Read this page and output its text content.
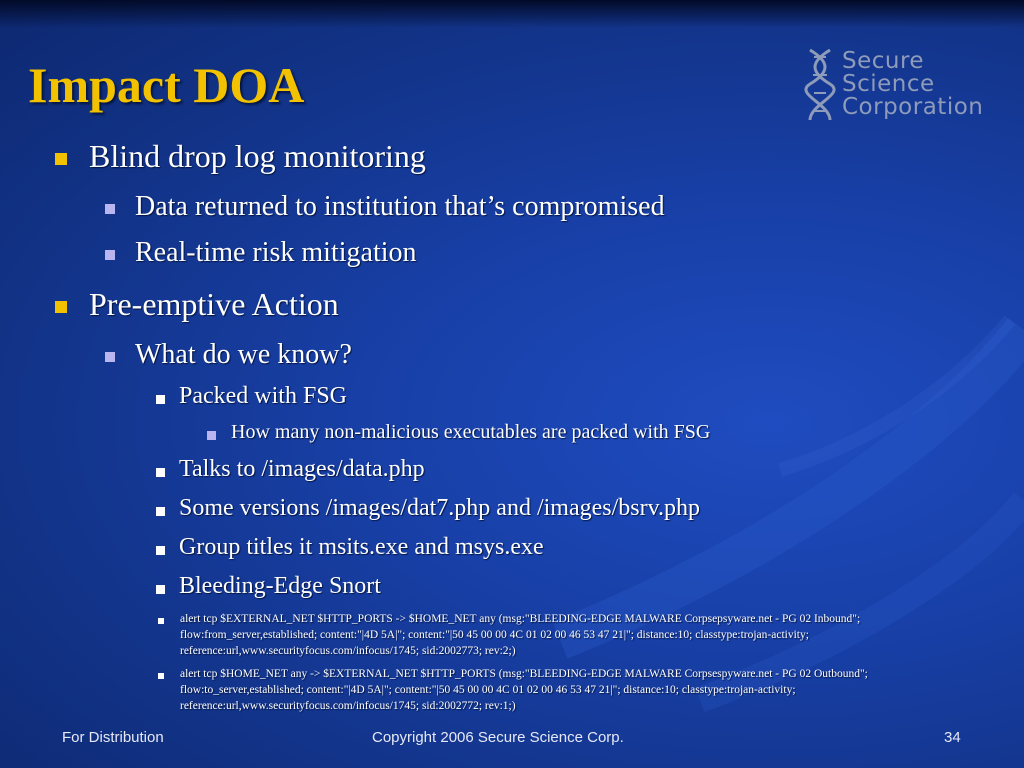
Impact DOA	Secure
Science
Corporation
Blind drop log monitoring
Data returned to institution that’s compromised
Real-time risk mitigation
Pre-emptive Action
What do we know?
Packed with FSG
How many non-malicious executables are packed with FSG
Talks to /images/data.php
Some versions /images/dat7.php and /images/bsrv.php
Group titles it msits.exe and msys.exe
Bleeding-Edge Snort
alert tcp $EXTERNAL_NET $HTTP_PORTS -> $HOME_NET any (msg:"BLEEDING-EDGE MALWARE Corpsepsyware.net - PG 02 Inbound"; flow:from_server,established; content:"|4D 5A|"; content:"|50 45 00 00 4C 01 02 00 46 53 47 21|"; distance:10; classtype:trojan-activity; reference:url,www.securityfocus.com/infocus/1745; sid:2002773; rev:2;)
alert tcp $HOME_NET any -> $EXTERNAL_NET $HTTP_PORTS (msg:"BLEEDING-EDGE MALWARE Corpsespyware.net - PG 02 Outbound"; flow:to_server,established; content:"|4D 5A|"; content:"|50 45 00 00 4C 01 02 00 46 53 47 21|"; distance:10; classtype:trojan-activity; reference:url,www.securityfocus.com/infocus/1745; sid:2002772; rev:1;)
For Distribution	Copyright 2006 Secure Science Corp.	34
